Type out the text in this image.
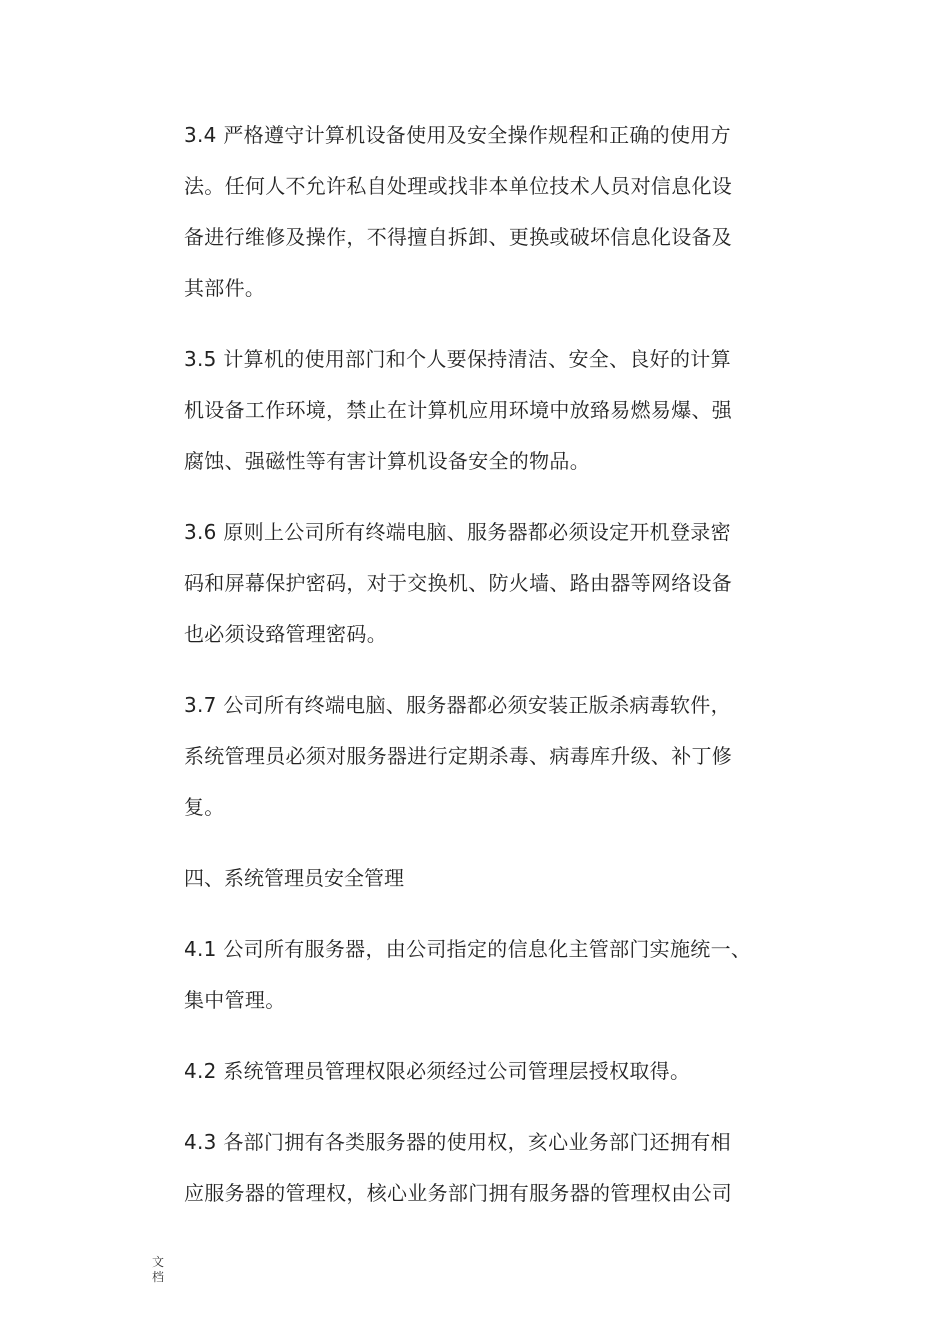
3.4 严格遵守计算机设备使用及安全操作规程和正确的使用方
法。任何人不允许私自处理或找非本单位技术人员对信息化设
备进行维修及操作，不得擅自拆卸、更换或破坏信息化设备及
其部件。

3.5 计算机的使用部门和个人要保持清洁、安全、良好的计算
机设备工作环境，禁止在计算机应用环境中放臵易燃易爆、强
腐蚀、强磁性等有害计算机设备安全的物品。

3.6 原则上公司所有终端电脑、服务器都必须设定开机登录密
码和屏幕保护密码，对于交换机、防火墙、路由器等网络设备
也必须设臵管理密码。

3.7 公司所有终端电脑、服务器都必须安装正版杀病毒软件，
系统管理员必须对服务器进行定期杀毒、病毒库升级、补丁修
复。

四、系统管理员安全管理

4.1 公司所有服务器，由公司指定的信息化主管部门实施统一、
集中管理。

4.2 系统管理员管理权限必须经过公司管理层授权取得。

4.3 各部门拥有各类服务器的使用权，亥心业务部门还拥有相
应服务器的管理权，核心业务部门拥有服务器的管理权由公司

文
档
